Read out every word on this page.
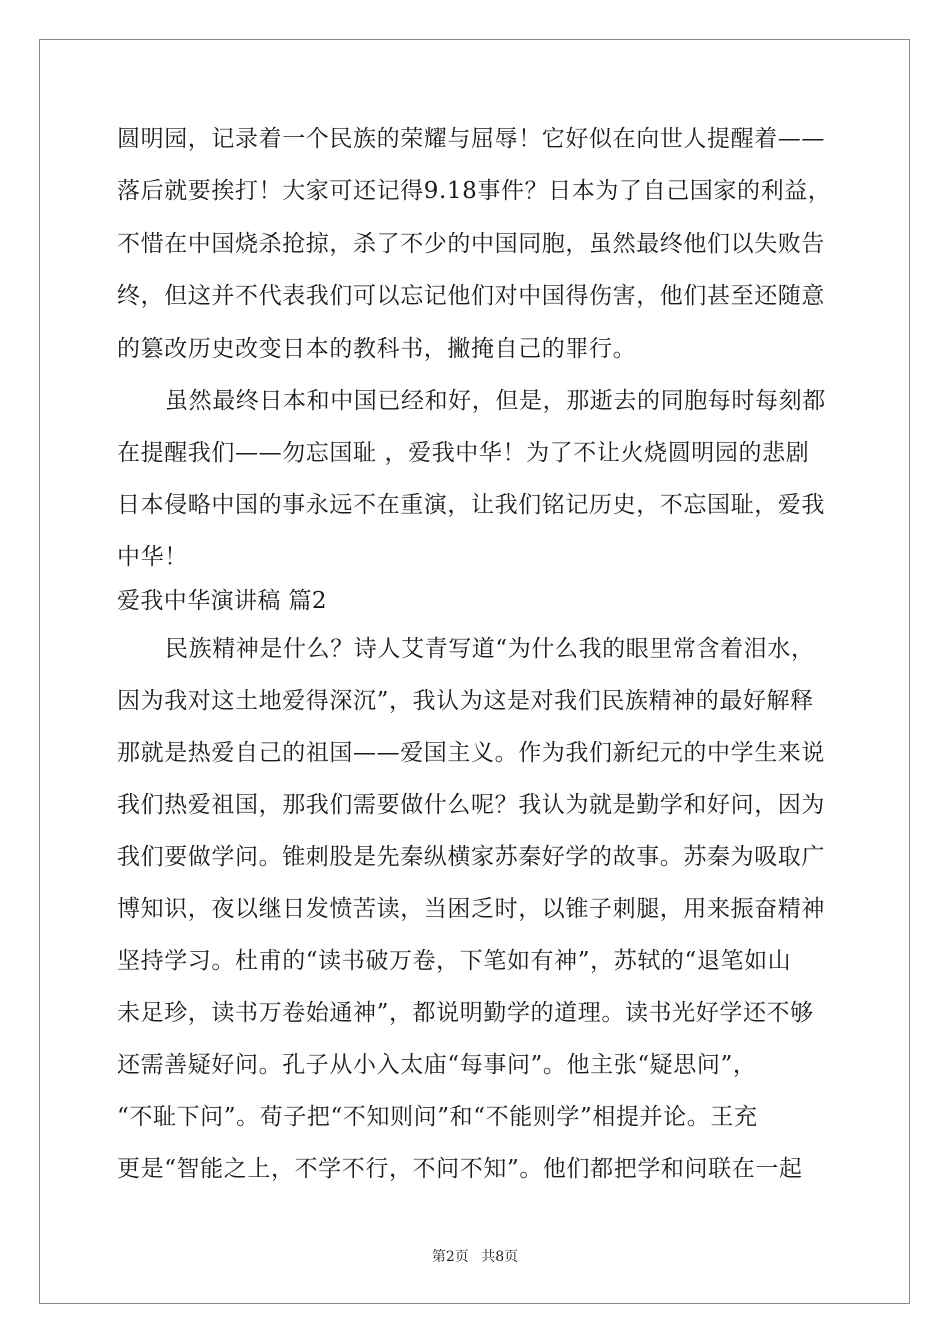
圆明园，记录着一个民族的荣耀与屈辱！它好似在向世人提醒着——
落后就要挨打！大家可还记得9.18事件？日本为了自己国家的利益，
不惜在中国烧杀抢掠，杀了不少的中国同胞，虽然最终他们以失败告
终，但这并不代表我们可以忘记他们对中国得伤害，他们甚至还随意
的篡改历史改变日本的教科书，撇掩自己的罪行。
虽然最终日本和中国已经和好，但是，那逝去的同胞每时每刻都
在提醒我们——勿忘国耻 ，爱我中华！为了不让火烧圆明园的悲剧
日本侵略中国的事永远不在重演，让我们铭记历史，不忘国耻，爱我
中华！
爱我中华演讲稿 篇2
民族精神是什么？诗人艾青写道“为什么我的眼里常含着泪水，
因为我对这土地爱得深沉”，我认为这是对我们民族精神的最好解释
那就是热爱自己的祖国——爱国主义。作为我们新纪元的中学生来说
我们热爱祖国，那我们需要做什么呢？我认为就是勤学和好问，因为
我们要做学问。锥刺股是先秦纵横家苏秦好学的故事。苏秦为吸取广
博知识，夜以继日发愤苦读，当困乏时，以锥子刺腿，用来振奋精神
坚持学习。杜甫的“读书破万卷，下笔如有神”，苏轼的“退笔如山
未足珍，读书万卷始通神”，都说明勤学的道理。读书光好学还不够
还需善疑好问。孔子从小入太庙“每事问”。他主张“疑思问”，
“不耻下问”。荀子把“不知则问”和“不能则学”相提并论。王充
更是“智能之上，不学不行，不问不知”。他们都把学和问联在一起
第2页 共8页
